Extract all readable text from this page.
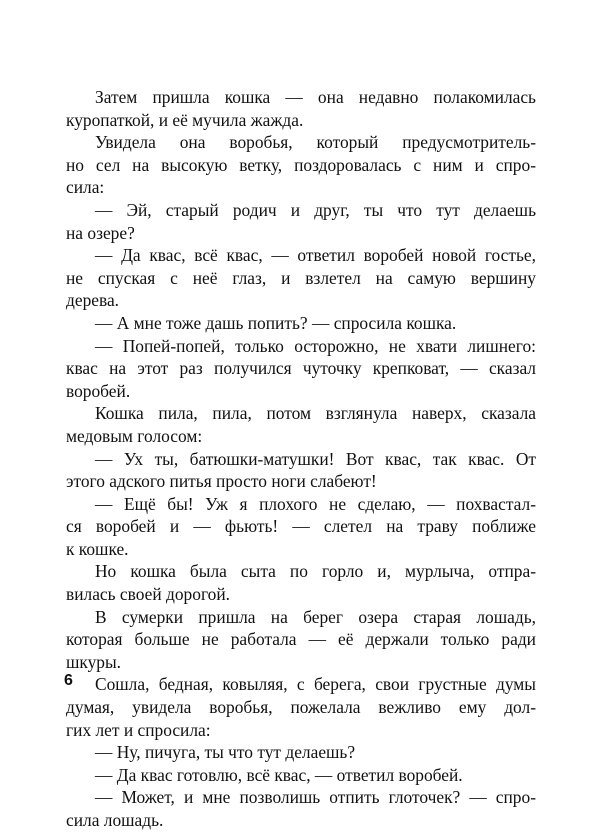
Затем пришла кошка — она недавно полакомилась
куропаткой, и её мучила жажда.
Увидела она воробья, который предусмотритель-
но сел на высокую ветку, поздоровалась с ним и спро-
сила:
— Эй, старый родич и друг, ты что тут делаешь
на озере?
— Да квас, всё квас, — ответил воробей новой гостье,
не спуская с неё глаз, и взлетел на самую вершину
дерева.
— А мне тоже дашь попить? — спросила кошка.
— Попей-попей, только осторожно, не хвати лишнего:
квас на этот раз получился чуточку крепковат, — сказал
воробей.
Кошка пила, пила, потом взглянула наверх, сказала
медовым голосом:
— Ух ты, батюшки-матушки! Вот квас, так квас. От
этого адского питья просто ноги слабеют!
— Ещё бы! Уж я плохого не сделаю, — похвастал-
ся воробей и — фьють! — слетел на траву поближе
к кошке.
Но кошка была сыта по горло и, мурлыча, отпра-
вилась своей дорогой.
В сумерки пришла на берег озера старая лошадь,
которая больше не работала — её держали только ради
шкуры.
Сошла, бедная, ковыляя, с берега, свои грустные думы
думая, увидела воробья, пожелала вежливо ему дол-
гих лет и спросила:
— Ну, пичуга, ты что тут делаешь?
— Да квас готовлю, всё квас, — ответил воробей.
— Может, и мне позволишь отпить глоточек? — спро-
сила лошадь.
6
